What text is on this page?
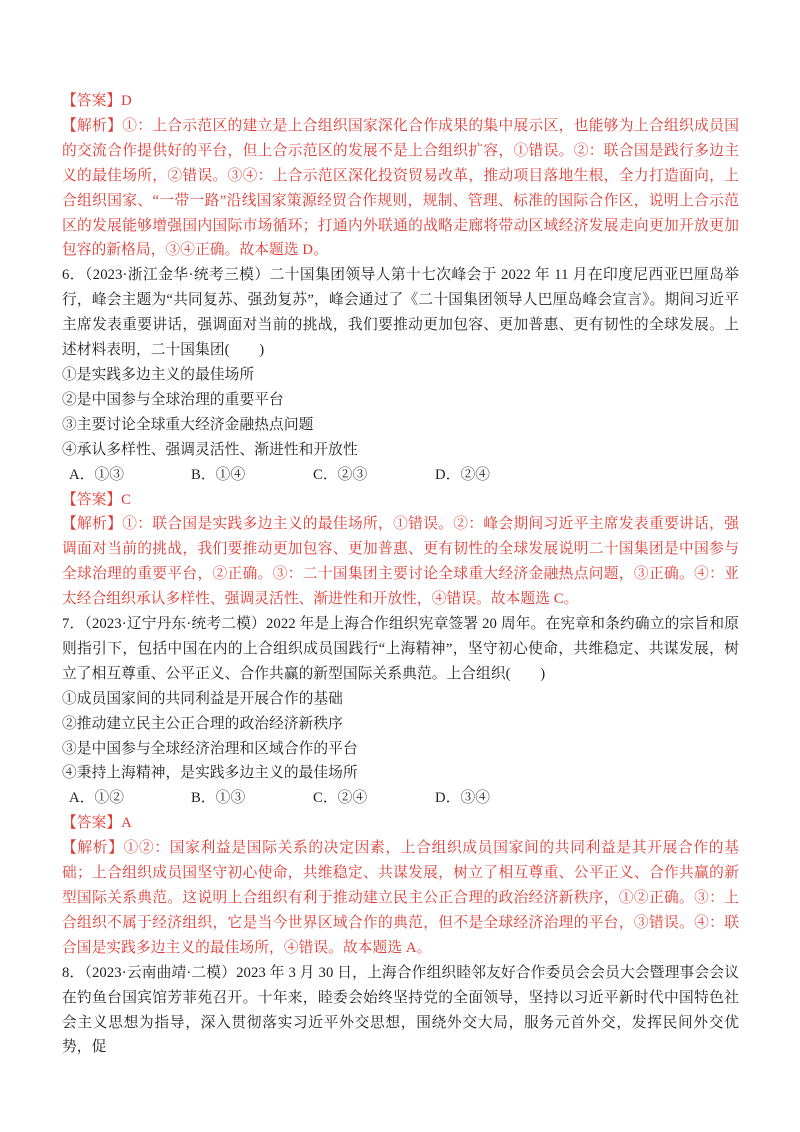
【答案】D

【解析】①：上合示范区的建立是上合组织国家深化合作成果的集中展示区，也能够为上合组织成员国的交流合作提供好的平台，但上合示范区的发展不是上合组织扩容，①错误。②：联合国是践行多边主义的最佳场所，②错误。③④：上合示范区深化投资贸易改革，推动项目落地生根，全力打造面向，上合组织国家、“一带一路”沿线国家策源经贸合作规则，规制、管理、标准的国际合作区，说明上合示范区的发展能够增强国内国际市场循环；打通内外联通的战略走廊将带动区域经济发展走向更加开放更加包容的新格局，③④正确。故本题选 D。

6．（2023·浙江金华·统考三模）二十国集团领导人第十七次峰会于 2022 年 11 月在印度尼西亚巴厘岛举行，峰会主题为“共同复苏、强劲复苏”，峰会通过了《二十国集团领导人巴厘岛峰会宣言》。期间习近平主席发表重要讲话，强调面对当前的挑战，我们要推动更加包容、更加普惠、更有韧性的全球发展。上述材料表明，二十国集团(　　)

①是实践多边主义的最佳场所

②是中国参与全球治理的重要平台

③主要讨论全球重大经济金融热点问题

④承认多样性、强调灵活性、渐进性和开放性

A．①③	B．①④	C．②③	D．②④

【答案】C

【解析】①：联合国是实践多边主义的最佳场所，①错误。②：峰会期间习近平主席发表重要讲话，强调面对当前的挑战，我们要推动更加包容、更加普惠、更有韧性的全球发展说明二十国集团是中国参与全球治理的重要平台，②正确。③：二十国集团主要讨论全球重大经济金融热点问题，③正确。④：亚太经合组织承认多样性、强调灵活性、渐进性和开放性，④错误。故本题选 C。

7．（2023·辽宁丹东·统考二模）2022 年是上海合作组织宪章签署 20 周年。在宪章和条约确立的宗旨和原则指引下，包括中国在内的上合组织成员国践行“上海精神”，坚守初心使命，共维稳定、共谋发展，树立了相互尊重、公平正义、合作共赢的新型国际关系典范。上合组织(　　)

①成员国家间的共同利益是开展合作的基础

②推动建立民主公正合理的政治经济新秩序

③是中国参与全球经济治理和区域合作的平台

④秉持上海精神，是实践多边主义的最佳场所

A．①②	B．①③	C．②④	D．③④

【答案】A

【解析】①②：国家利益是国际关系的决定因素，上合组织成员国家间的共同利益是其开展合作的基础；上合组织成员国坚守初心使命，共维稳定、共谋发展，树立了相互尊重、公平正义、合作共赢的新型国际关系典范。这说明上合组织有利于推动建立民主公正合理的政治经济新秩序，①②正确。③：上合组织不属于经济组织，它是当今世界区域合作的典范，但不是全球经济治理的平台，③错误。④：联合国是实践多边主义的最佳场所，④错误。故本题选 A。

8．（2023·云南曲靖·二模）2023 年 3 月 30 日，上海合作组织睦邻友好合作委员会会员大会暨理事会会议在钓鱼台国宾馆芳菲苑召开。十年来，睦委会始终坚持党的全面领导，坚持以习近平新时代中国特色社会主义思想为指导，深入贯彻落实习近平外交思想，围绕外交大局，服务元首外交，发挥民间外交优势，促
